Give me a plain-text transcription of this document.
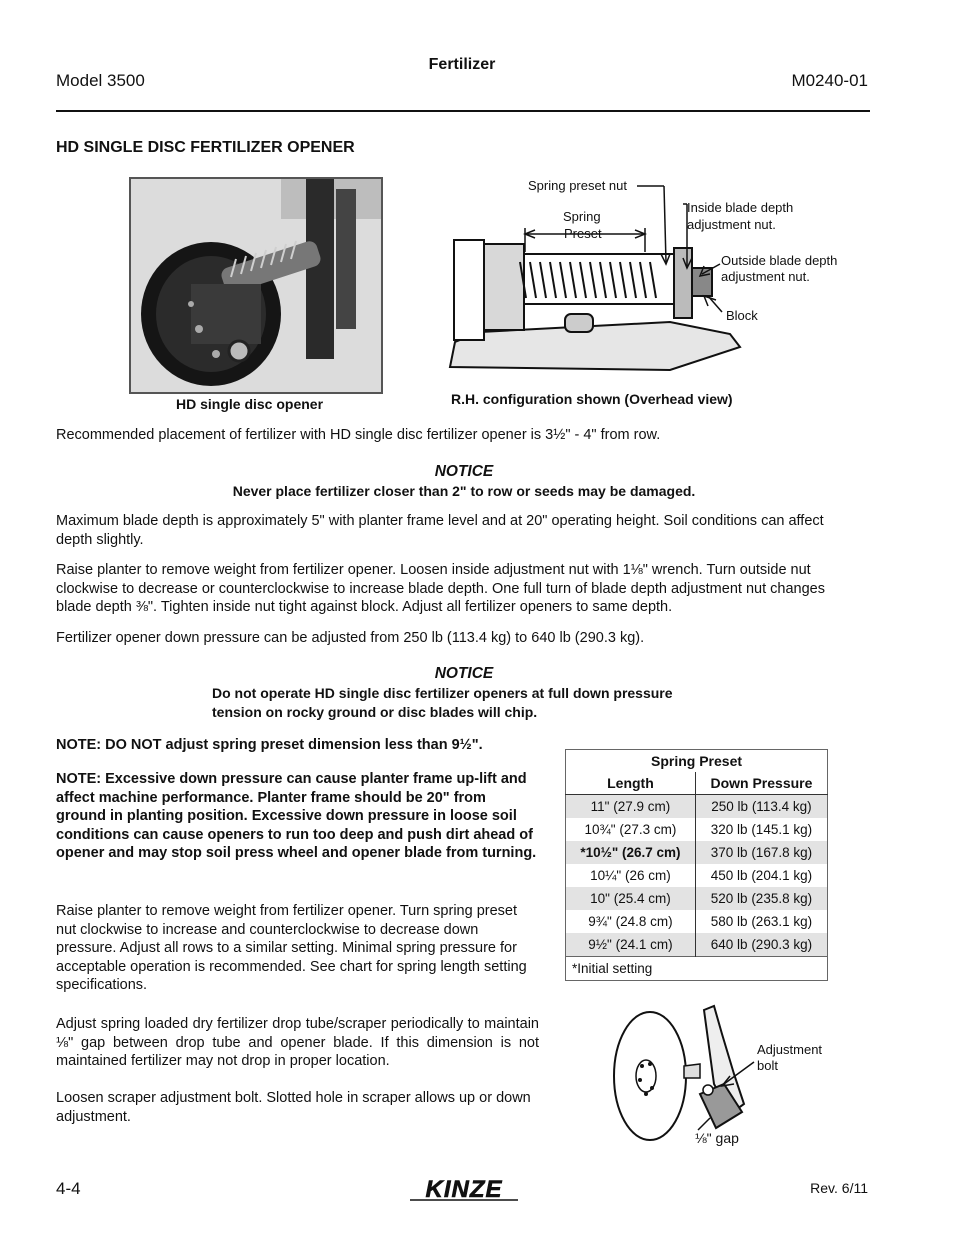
Fertilizer
Model 3500	M0240-01
HD SINGLE DISC FERTILIZER OPENER
Spring preset nut
Spring
Preset
Inside blade depth
adjustment nut.
Outside blade depth
adjustment nut.
Block
HD single disc opener	R.H. configuration shown (Overhead view)
Recommended placement of fertilizer with HD single disc fertilizer opener is 3½" - 4" from row.
NOTICE
Never place fertilizer closer than 2" to row or seeds may be damaged.
Maximum blade depth is approximately 5" with planter frame level and at 20" operating height. Soil conditions can affect depth slightly.
Raise planter to remove weight from fertilizer opener. Loosen inside adjustment nut with 1⅛" wrench. Turn outside nut clockwise to decrease or counterclockwise to increase blade depth. One full turn of blade depth adjustment nut changes blade depth ⅜". Tighten inside nut tight against block. Adjust all fertilizer openers to same depth.
Fertilizer opener down pressure can be adjusted from 250 lb (113.4 kg) to 640 lb (290.3 kg).
NOTICE
Do not operate HD single disc fertilizer openers at full down pressure
tension on rocky ground or disc blades will chip.
NOTE: DO NOT adjust spring preset dimension less than 9½".
NOTE: Excessive down pressure can cause planter frame up-lift and affect machine performance. Planter frame should be 20" from ground in planting position. Excessive down pressure in loose soil conditions can cause openers to run too deep and push dirt ahead of opener and may stop soil press wheel and opener blade from turning.
Raise planter to remove weight from fertilizer opener. Turn spring preset nut clockwise to increase and counterclockwise to decrease down pressure. Adjust all rows to a similar setting. Minimal spring pressure for acceptable operation is recommended. See chart for spring length setting specifications.
Adjust spring loaded dry fertilizer drop tube/scraper periodically to maintain ⅛" gap between drop tube and opener blade. If this dimension is not maintained fertilizer may not drop in proper location.
Loosen scraper adjustment bolt. Slotted hole in scraper allows up or down adjustment.
Spring Preset	
Length	Down Pressure
11" (27.9 cm)	250 lb (113.4 kg)
10¾" (27.3 cm)	320 lb (145.1 kg)
*10½" (26.7 cm)	370 lb (167.8 kg)
10¼" (26 cm)	450 lb (204.1 kg)
10" (25.4 cm)	520 lb (235.8 kg)
9¾" (24.8 cm)	580 lb (263.1 kg)
9½" (24.1 cm)	640 lb (290.3 kg)
*Initial setting	
Adjustment
bolt
⅛" gap
4-4	KINZE	Rev. 6/11
